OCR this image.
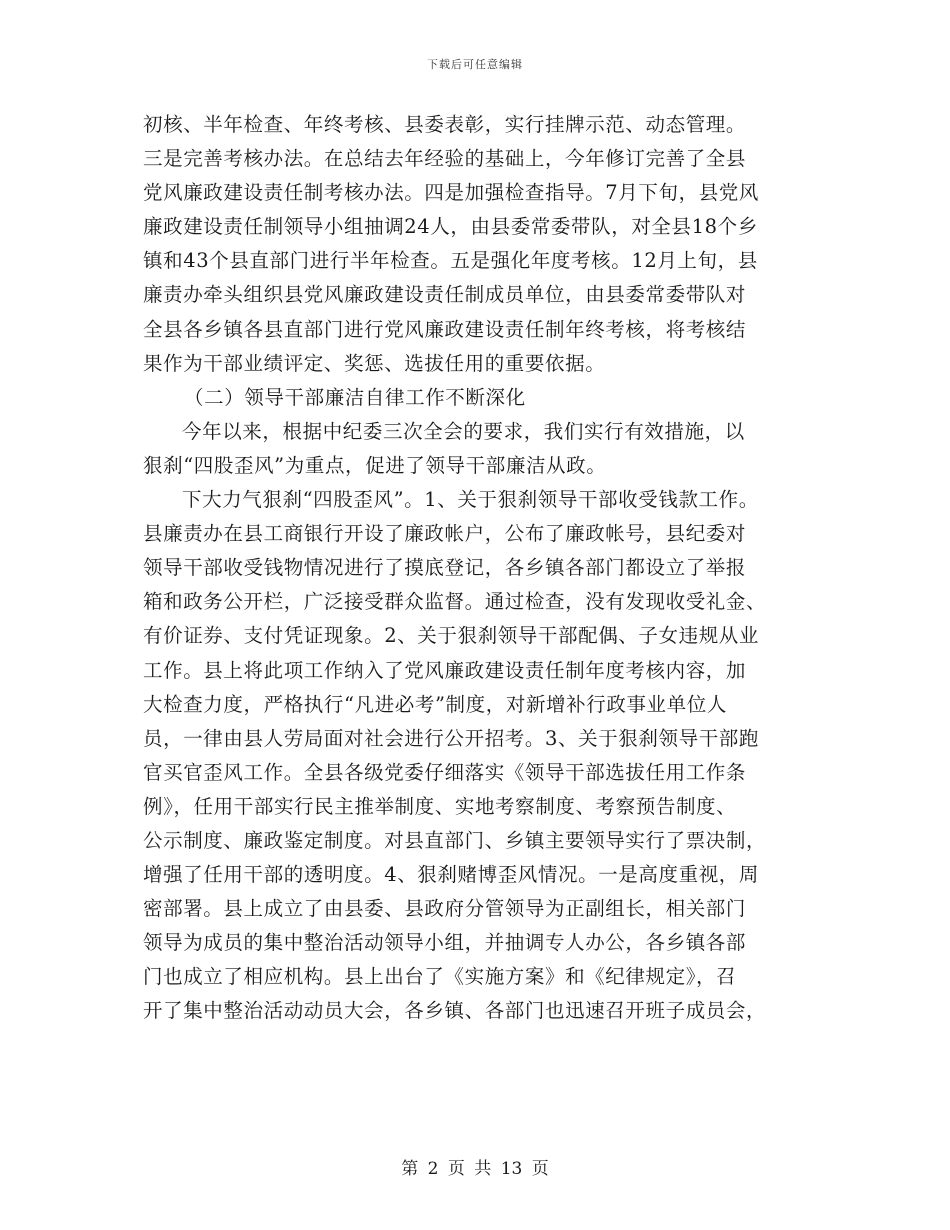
下载后可任意编辑
初核、半年检查、年终考核、县委表彰，实行挂牌示范、动态管理。
三是完善考核办法。在总结去年经验的基础上，今年修订完善了全县
党风廉政建设责任制考核办法。四是加强检查指导。7月下旬，县党风
廉政建设责任制领导小组抽调24人，由县委常委带队，对全县18个乡
镇和43个县直部门进行半年检查。五是强化年度考核。12月上旬，县
廉责办牵头组织县党风廉政建设责任制成员单位，由县委常委带队对
全县各乡镇各县直部门进行党风廉政建设责任制年终考核，将考核结
果作为干部业绩评定、奖惩、选拔任用的重要依据。
（二）领导干部廉洁自律工作不断深化
今年以来，根据中纪委三次全会的要求，我们实行有效措施，以
狠刹“四股歪风”为重点，促进了领导干部廉洁从政。
下大力气狠刹“四股歪风”。1、关于狠刹领导干部收受钱款工作。
县廉责办在县工商银行开设了廉政帐户，公布了廉政帐号，县纪委对
领导干部收受钱物情况进行了摸底登记，各乡镇各部门都设立了举报
箱和政务公开栏，广泛接受群众监督。通过检查，没有发现收受礼金、
有价证券、支付凭证现象。2、关于狠刹领导干部配偶、子女违规从业
工作。县上将此项工作纳入了党风廉政建设责任制年度考核内容，加
大检查力度，严格执行“凡进必考”制度，对新增补行政事业单位人
员，一律由县人劳局面对社会进行公开招考。3、关于狠刹领导干部跑
官买官歪风工作。全县各级党委仔细落实《领导干部选拔任用工作条
例》，任用干部实行民主推举制度、实地考察制度、考察预告制度、
公示制度、廉政鉴定制度。对县直部门、乡镇主要领导实行了票决制，
增强了任用干部的透明度。4、狠刹赌博歪风情况。一是高度重视，周
密部署。县上成立了由县委、县政府分管领导为正副组长，相关部门
领导为成员的集中整治活动领导小组，并抽调专人办公，各乡镇各部
门也成立了相应机构。县上出台了《实施方案》和《纪律规定》，召
开了集中整治活动动员大会，各乡镇、各部门也迅速召开班子成员会，
第 2 页 共 13 页
